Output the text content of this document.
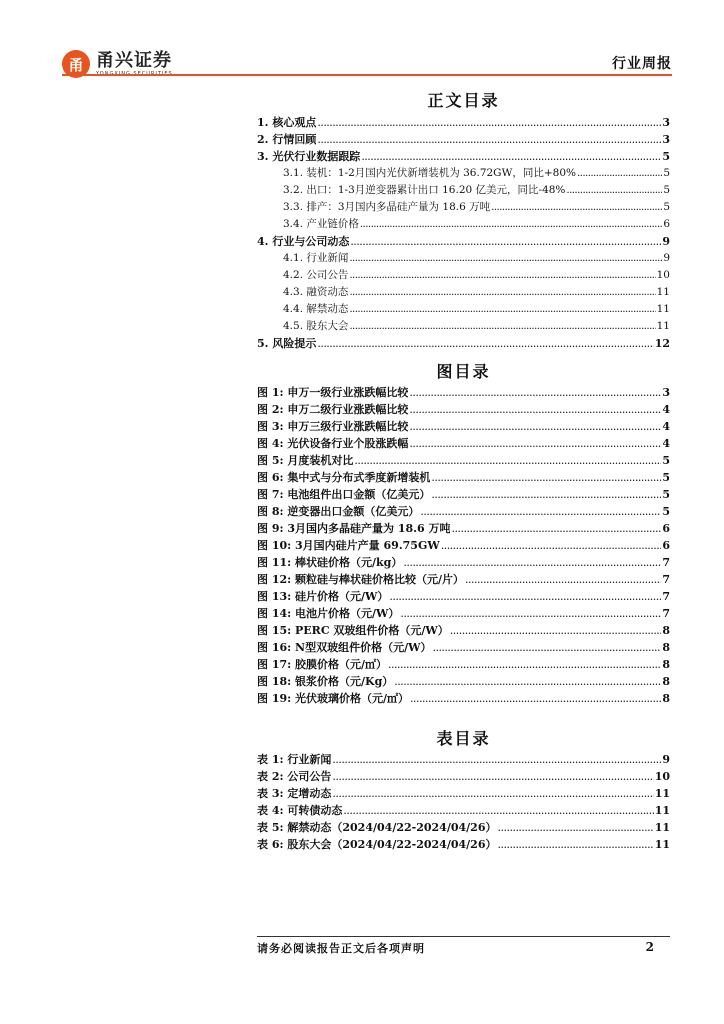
甬 甬兴证券
YONGXING SECURITIES
行业周报
正文目录
1. 核心观点 . . .	3
2. 行情回顾 . . .	3
3. 光伏行业数据跟踪 . . .	5
3.1. 装机：1-2月国内光伏新增装机为 36.72GW，同比+80% . . .	5
3.2. 出口：1-3月逆变器累计出口 16.20 亿美元，同比-48% . . .	5
3.3. 排产：3月国内多晶硅产量为 18.6 万吨 . . .	5
3.4. 产业链价格 . . .	6
4. 行业与公司动态 . . .	9
4.1. 行业新闻 . . .	9
4.2. 公司公告 . . .	10
4.3. 融资动态 . . .	11
4.4. 解禁动态 . . .	11
4.5. 股东大会 . . .	11
5. 风险提示 . . .	12
图目录
图 1: 申万一级行业涨跌幅比较 . . .	3
图 2: 申万二级行业涨跌幅比较 . . .	4
图 3: 申万三级行业涨跌幅比较 . . .	4
图 4: 光伏设备行业个股涨跌幅 . . .	4
图 5: 月度装机对比 . . .	5
图 6: 集中式与分布式季度新增装机 . . .	5
图 7: 电池组件出口金额（亿美元） . . .	5
图 8: 逆变器出口金额（亿美元） . . .	5
图 9: 3月国内多晶硅产量为 18.6 万吨 . . .	6
图 10: 3月国内硅片产量 69.75GW . . .	6
图 11: 棒状硅价格（元/kg） . . .	7
图 12: 颗粒硅与棒状硅价格比较（元/片） . . .	7
图 13: 硅片价格（元/W） . . .	7
图 14: 电池片价格（元/W） . . .	7
图 15: PERC 双玻组件价格（元/W） . . .	8
图 16: N型双玻组件价格（元/W） . . .	8
图 17: 胶膜价格（元/㎡） . . .	8
图 18: 银浆价格（元/Kg） . . .	8
图 19: 光伏玻璃价格（元/㎡） . . .	8
表目录
表 1: 行业新闻 . . .	9
表 2: 公司公告 . . .	10
表 3: 定增动态 . . .	11
表 4: 可转债动态 . . .	11
表 5: 解禁动态（2024/04/22-2024/04/26） . . .	11
表 6: 股东大会（2024/04/22-2024/04/26） . . .	11
请务必阅读报告正文后各项声明	2
